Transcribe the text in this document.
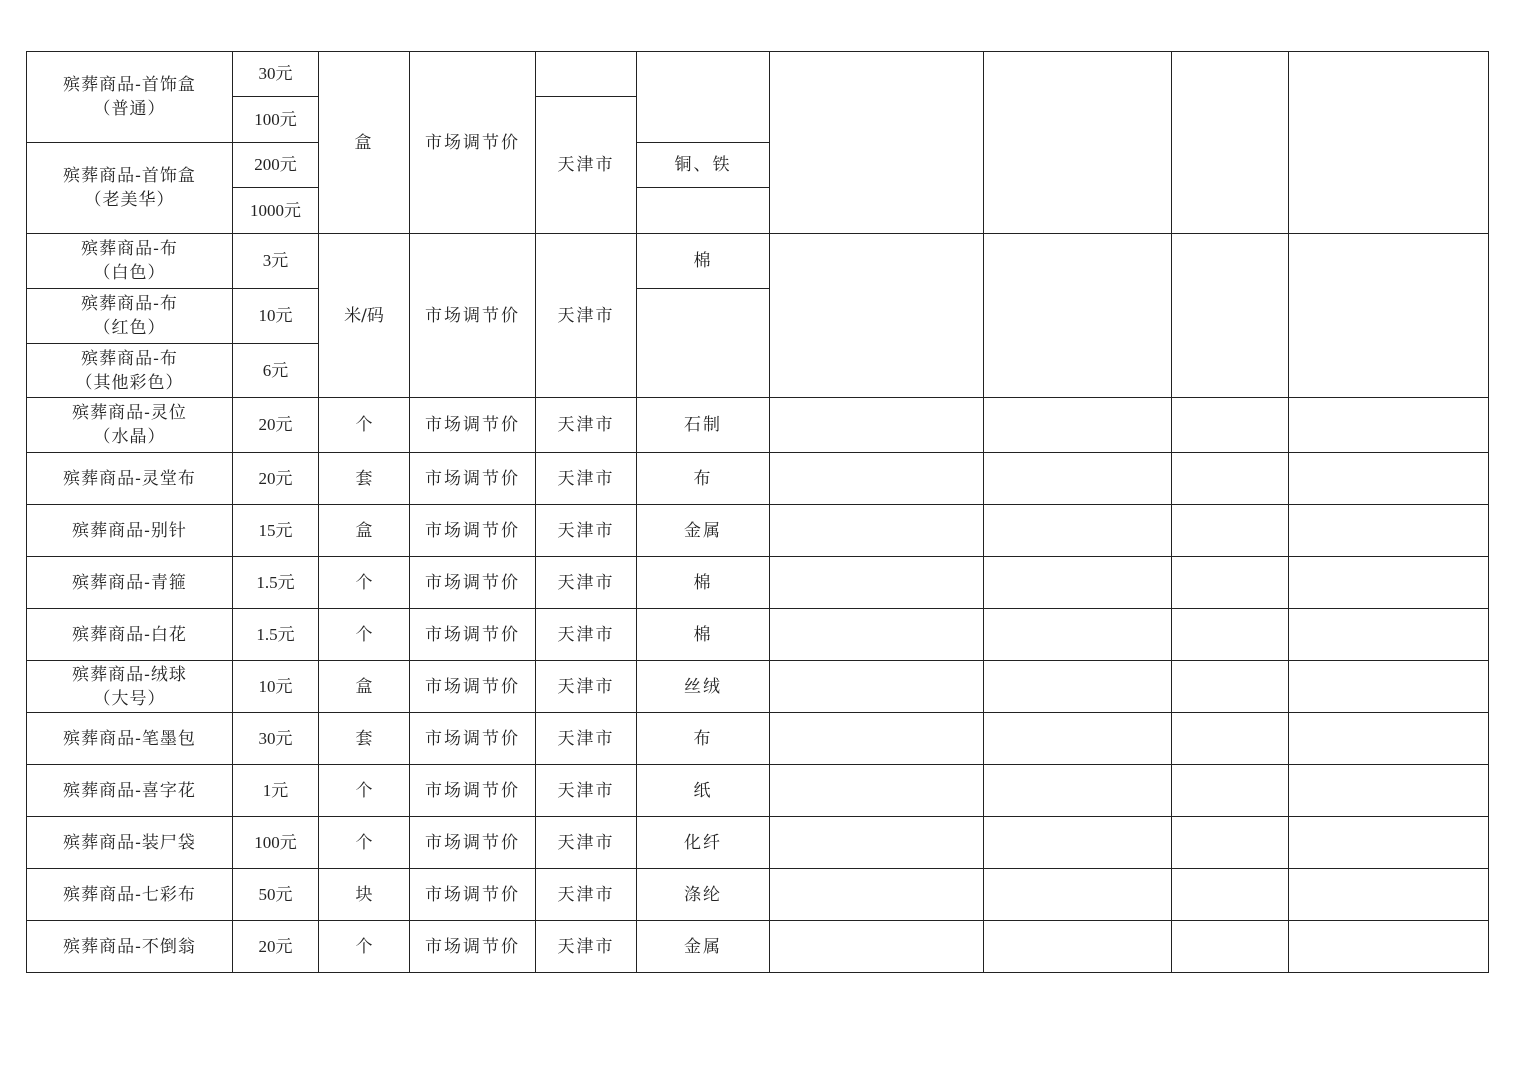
殡葬商品-首饰盒
（普通）	30元	盒	市场调节价						
	100元			天津市					
殡葬商品-首饰盒
（老美华）	200元				铜、铁				
	1000元								
殡葬商品-布
（白色）	3元	米/码	市场调节价	天津市	棉				
殡葬商品-布
（红色）	10元								
殡葬商品-布
（其他彩色）	6元								
殡葬商品-灵位
（水晶）	20元	个	市场调节价	天津市	石制				
殡葬商品-灵堂布	20元	套	市场调节价	天津市	布				
殡葬商品-别针	15元	盒	市场调节价	天津市	金属				
殡葬商品-青箍	1.5元	个	市场调节价	天津市	棉				
殡葬商品-白花	1.5元	个	市场调节价	天津市	棉				
殡葬商品-绒球
（大号）	10元	盒	市场调节价	天津市	丝绒				
殡葬商品-笔墨包	30元	套	市场调节价	天津市	布				
殡葬商品-喜字花	1元	个	市场调节价	天津市	纸				
殡葬商品-装尸袋	100元	个	市场调节价	天津市	化纤				
殡葬商品-七彩布	50元	块	市场调节价	天津市	涤纶				
殡葬商品-不倒翁	20元	个	市场调节价	天津市	金属				
